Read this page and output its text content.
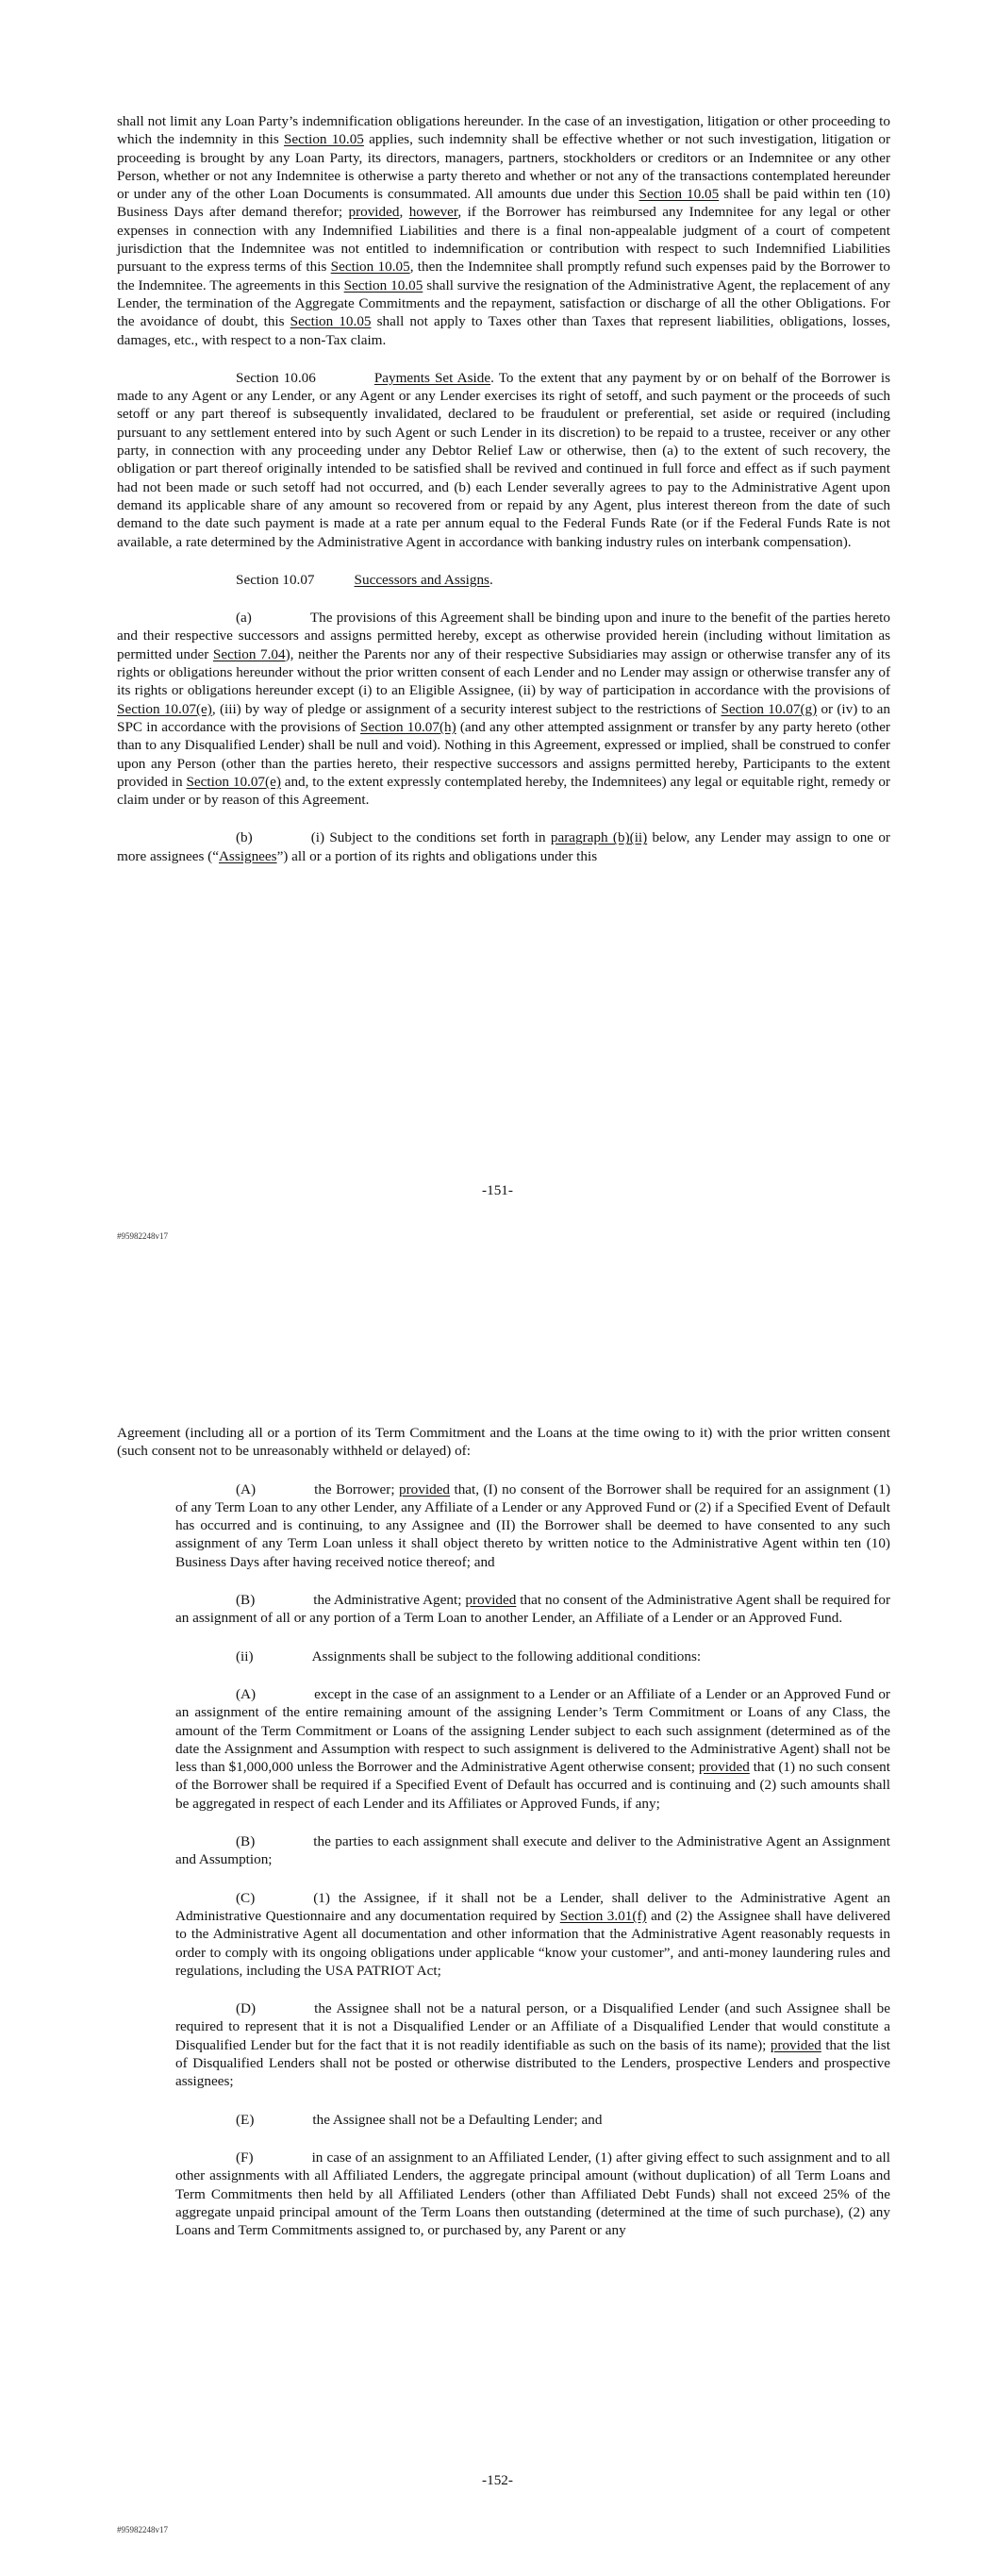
shall not limit any Loan Party’s indemnification obligations hereunder. In the case of an investigation, litigation or other proceeding to which the indemnity in this Section 10.05 applies, such indemnity shall be effective whether or not such investigation, litigation or proceeding is brought by any Loan Party, its directors, managers, partners, stockholders or creditors or an Indemnitee or any other Person, whether or not any Indemnitee is otherwise a party thereto and whether or not any of the transactions contemplated hereunder or under any of the other Loan Documents is consummated. All amounts due under this Section 10.05 shall be paid within ten (10) Business Days after demand therefor; provided, however, if the Borrower has reimbursed any Indemnitee for any legal or other expenses in connection with any Indemnified Liabilities and there is a final non-appealable judgment of a court of competent jurisdiction that the Indemnitee was not entitled to indemnification or contribution with respect to such Indemnified Liabilities pursuant to the express terms of this Section 10.05, then the Indemnitee shall promptly refund such expenses paid by the Borrower to the Indemnitee. The agreements in this Section 10.05 shall survive the resignation of the Administrative Agent, the replacement of any Lender, the termination of the Aggregate Commitments and the repayment, satisfaction or discharge of all the other Obligations. For the avoidance of doubt, this Section 10.05 shall not apply to Taxes other than Taxes that represent liabilities, obligations, losses, damages, etc., with respect to a non-Tax claim.

Section 10.06	Payments Set Aside. To the extent that any payment by or on behalf of the Borrower is made to any Agent or any Lender, or any Agent or any Lender exercises its right of setoff, and such payment or the proceeds of such setoff or any part thereof is subsequently invalidated, declared to be fraudulent or preferential, set aside or required (including pursuant to any settlement entered into by such Agent or such Lender in its discretion) to be repaid to a trustee, receiver or any other party, in connection with any proceeding under any Debtor Relief Law or otherwise, then (a) to the extent of such recovery, the obligation or part thereof originally intended to be satisfied shall be revived and continued in full force and effect as if such payment had not been made or such setoff had not occurred, and (b) each Lender severally agrees to pay to the Administrative Agent upon demand its applicable share of any amount so recovered from or repaid by any Agent, plus interest thereon from the date of such demand to the date such payment is made at a rate per annum equal to the Federal Funds Rate (or if the Federal Funds Rate is not available, a rate determined by the Administrative Agent in accordance with banking industry rules on interbank compensation).

Section 10.07	Successors and Assigns.

(a)	The provisions of this Agreement shall be binding upon and inure to the benefit of the parties hereto and their respective successors and assigns permitted hereby, except as otherwise provided herein (including without limitation as permitted under Section 7.04), neither the Parents nor any of their respective Subsidiaries may assign or otherwise transfer any of its rights or obligations hereunder without the prior written consent of each Lender and no Lender may assign or otherwise transfer any of its rights or obligations hereunder except (i) to an Eligible Assignee, (ii) by way of participation in accordance with the provisions of Section 10.07(e), (iii) by way of pledge or assignment of a security interest subject to the restrictions of Section 10.07(g) or (iv) to an SPC in accordance with the provisions of Section 10.07(h) (and any other attempted assignment or transfer by any party hereto (other than to any Disqualified Lender) shall be null and void). Nothing in this Agreement, expressed or implied, shall be construed to confer upon any Person (other than the parties hereto, their respective successors and assigns permitted hereby, Participants to the extent provided in Section 10.07(e) and, to the extent expressly contemplated hereby, the Indemnitees) any legal or equitable right, remedy or claim under or by reason of this Agreement.

(b)	(i) Subject to the conditions set forth in paragraph (b)(ii) below, any Lender may assign to one or more assignees (“Assignees”) all or a portion of its rights and obligations under this

-151-
#95982248v17

Agreement (including all or a portion of its Term Commitment and the Loans at the time owing to it) with the prior written consent (such consent not to be unreasonably withheld or delayed) of:

(A)	the Borrower; provided that, (I) no consent of the Borrower shall be required for an assignment (1) of any Term Loan to any other Lender, any Affiliate of a Lender or any Approved Fund or (2) if a Specified Event of Default has occurred and is continuing, to any Assignee and (II) the Borrower shall be deemed to have consented to any such assignment of any Term Loan unless it shall object thereto by written notice to the Administrative Agent within ten (10) Business Days after having received notice thereof; and

(B)	the Administrative Agent; provided that no consent of the Administrative Agent shall be required for an assignment of all or any portion of a Term Loan to another Lender, an Affiliate of a Lender or an Approved Fund.

(ii)	Assignments shall be subject to the following additional conditions:

(A)	except in the case of an assignment to a Lender or an Affiliate of a Lender or an Approved Fund or an assignment of the entire remaining amount of the assigning Lender’s Term Commitment or Loans of any Class, the amount of the Term Commitment or Loans of the assigning Lender subject to each such assignment (determined as of the date the Assignment and Assumption with respect to such assignment is delivered to the Administrative Agent) shall not be less than $1,000,000 unless the Borrower and the Administrative Agent otherwise consent; provided that (1) no such consent of the Borrower shall be required if a Specified Event of Default has occurred and is continuing and (2) such amounts shall be aggregated in respect of each Lender and its Affiliates or Approved Funds, if any;

(B)	the parties to each assignment shall execute and deliver to the Administrative Agent an Assignment and Assumption;

(C)	(1) the Assignee, if it shall not be a Lender, shall deliver to the Administrative Agent an Administrative Questionnaire and any documentation required by Section 3.01(f) and (2) the Assignee shall have delivered to the Administrative Agent all documentation and other information that the Administrative Agent reasonably requests in order to comply with its ongoing obligations under applicable “know your customer”, and anti-money laundering rules and regulations, including the USA PATRIOT Act;

(D)	the Assignee shall not be a natural person, or a Disqualified Lender (and such Assignee shall be required to represent that it is not a Disqualified Lender or an Affiliate of a Disqualified Lender that would constitute a Disqualified Lender but for the fact that it is not readily identifiable as such on the basis of its name); provided that the list of Disqualified Lenders shall not be posted or otherwise distributed to the Lenders, prospective Lenders and prospective assignees;

(E)	the Assignee shall not be a Defaulting Lender; and

(F)	in case of an assignment to an Affiliated Lender, (1) after giving effect to such assignment and to all other assignments with all Affiliated Lenders, the aggregate principal amount (without duplication) of all Term Loans and Term Commitments then held by all Affiliated Lenders (other than Affiliated Debt Funds) shall not exceed 25% of the aggregate unpaid principal amount of the Term Loans then outstanding (determined at the time of such purchase), (2) any Loans and Term Commitments assigned to, or purchased by, any Parent or any

-152-
#95982248v17
